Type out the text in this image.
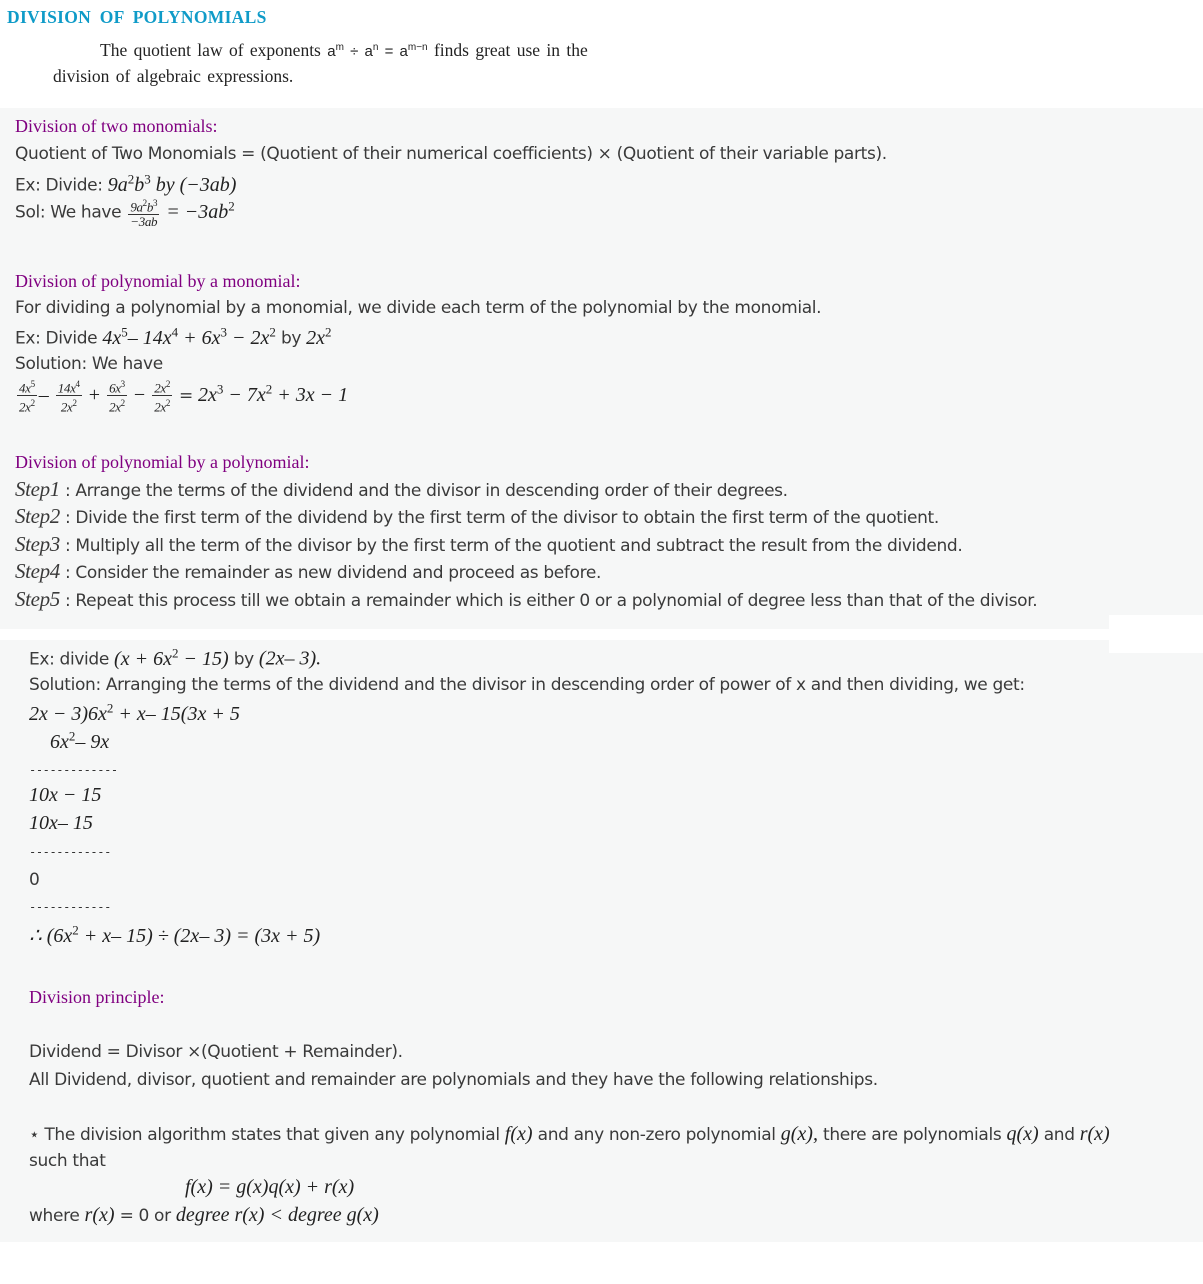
DIVISION OF POLYNOMIALS
The quotient law of exponents $a^m \div a^n = a^{m-n}$ finds great use in the
division of algebraic expressions.
Division of two monomials:
Quotient of Two Monomials = (Quotient of their numerical coefficients) × (Quotient of their variable parts).
Ex: Divide: $9a^2b^3$ by (−3ab)
Sol: We have $\frac{9a^2b^3}{-3ab} = -3ab^2$
Division of polynomial by a monomial:
For dividing a polynomial by a monomial, we divide each term of the polynomial by the monomial.
Ex: Divide $4x^5-$ $14x^4 + 6x^3 - 2x^2$ by $2x^2$
Solution: We have
$\frac{4x^5}{2x^2} - \frac{14x^4}{2x^2} + \frac{6x^3}{2x^2} - \frac{2x^2}{2x^2} = 2x^3 - 7x^2 + 3x - 1$
Division of polynomial by a polynomial:
Step1 : Arrange the terms of the dividend and the divisor in descending order of their degrees.
Step2 : Divide the first term of the dividend by the first term of the divisor to obtain the first term of the quotient.
Step3 : Multiply all the term of the divisor by the first term of the quotient and subtract the result from the dividend.
Step4 : Consider the remainder as new dividend and proceed as before.
Step5 : Repeat this process till we obtain a remainder which is either 0 or a polynomial of degree less than that of the divisor.
Ex: divide $(x + 6x^2 - 15)$ by (2x– 3).
Solution: Arranging the terms of the dividend and the divisor in descending order of power of x and then dividing, we get:
$2x - 3)6x^2 + x-$ 15(3x + 5
$6x^2-$ 9x
-------------
10x − 15
10x– 15
------------
0
------------
∴ ($6x^2 + x-$ 15) ÷ (2x– 3) = (3x + 5)
Division principle:
Dividend = Divisor ×(Quotient + Remainder).
All Dividend, divisor, quotient and remainder are polynomials and they have the following relationships.
⋆ The division algorithm states that given any polynomial f(x) and any non-zero polynomial g(x), there are polynomials q(x) and r(x)
such that
f(x) = g(x)q(x) + r(x)
where r(x) = 0 or degree r(x) < degree g(x)
